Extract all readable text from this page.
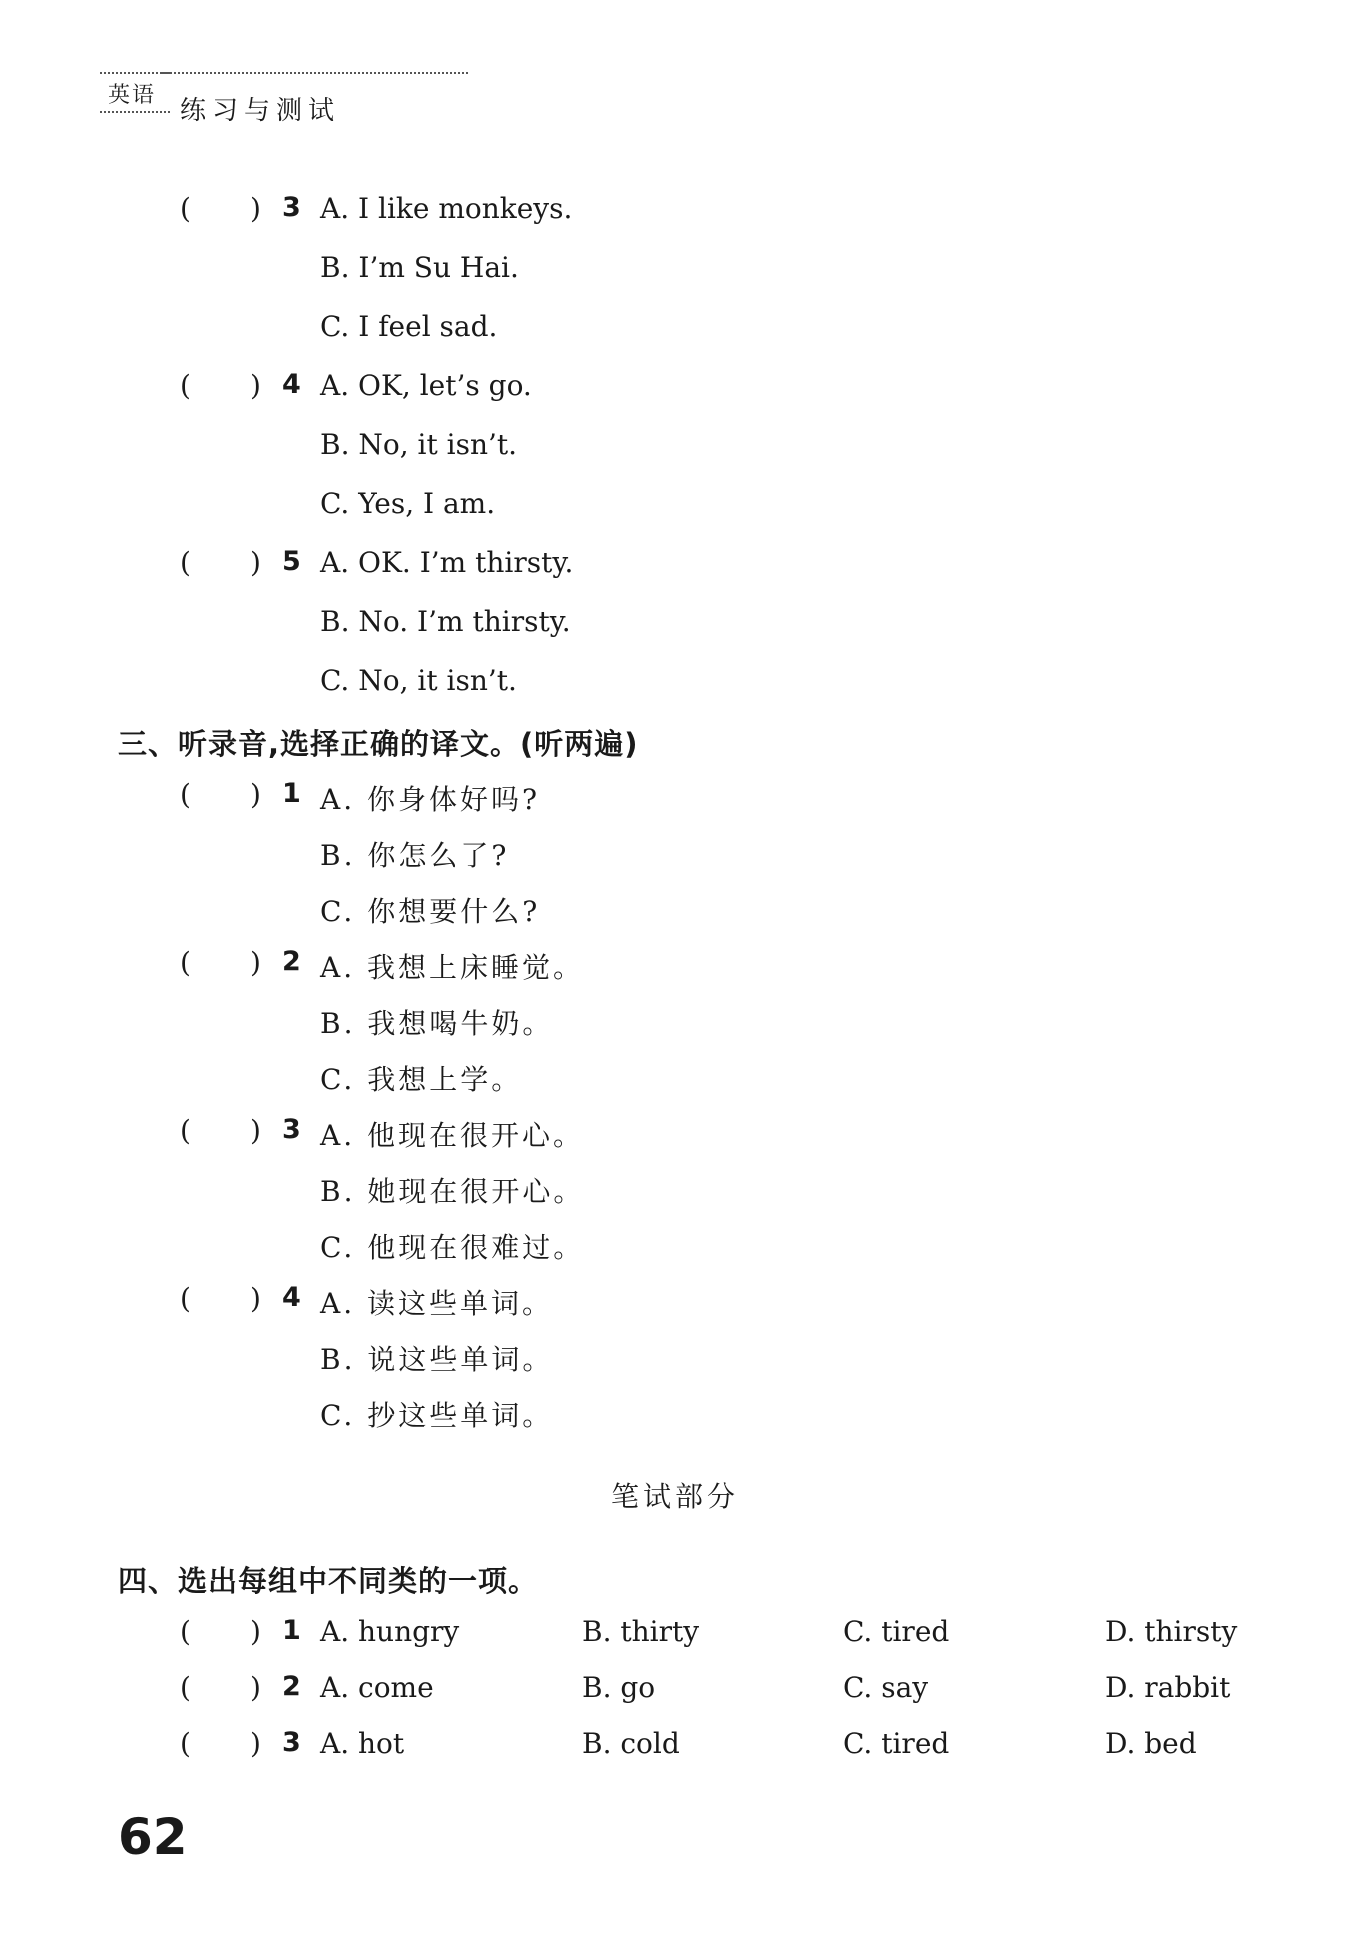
英语
练习与测试
( ) 3 A. I like monkeys.
B. I’m Su Hai.
C. I feel sad.
( ) 4 A. OK, let’s go.
B. No, it isn’t.
C. Yes, I am.
( ) 5 A. OK. I’m thirsty.
B. No. I’m thirsty.
C. No, it isn’t.
三、听录音,选择正确的译文。(听两遍)
( ) 1 A. 你身体好吗?
B. 你怎么了?
C. 你想要什么?
( ) 2 A. 我想上床睡觉。
B. 我想喝牛奶。
C. 我想上学。
( ) 3 A. 他现在很开心。
B. 她现在很开心。
C. 他现在很难过。
( ) 4 A. 读这些单词。
B. 说这些单词。
C. 抄这些单词。
笔试部分
四、选出每组中不同类的一项。
( ) 1 A. hungry	B. thirty	C. tired	D. thirsty
( ) 2 A. come	B. go	C. say	D. rabbit
( ) 3 A. hot	B. cold	C. tired	D. bed
62
